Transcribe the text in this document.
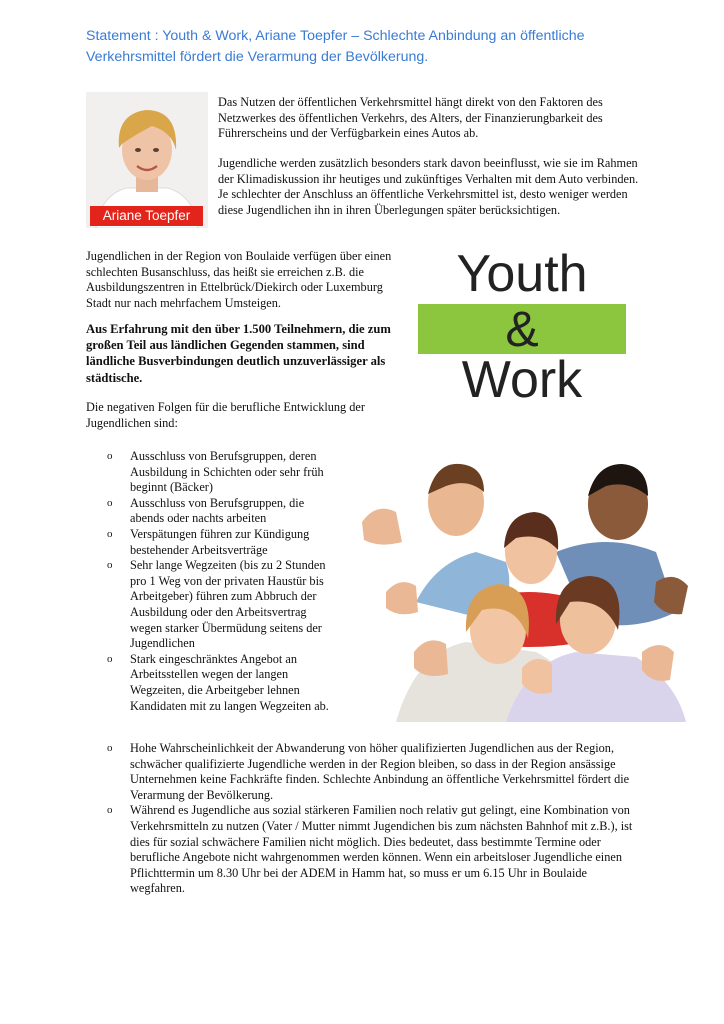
Statement : Youth & Work, Ariane Toepfer – Schlechte Anbindung an öffentliche Verkehrsmittel fördert die Verarmung der Bevölkerung.
Ariane Toepfer

Das Nutzen der öffentlichen Verkehrsmittel hängt direkt von den Faktoren des Netzwerkes des öffentlichen Verkehrs, des Alters, der Finanzierungbarkeit des Führerscheins und der Verfügbarkein eines Autos ab.

Jugendliche werden zusätzlich besonders stark davon beeinflusst, wie sie im Rahmen der Klimadiskussion ihr heutiges und zukünftiges Verhalten mit dem Auto verbinden. Je schlechter der Anschluss an öffentliche Verkehrsmittel ist, desto weniger werden diese Jugendlichen ihn in ihren Überlegungen später berücksichtigen.

Jugendlichen in der Region von Boulaide verfügen über einen schlechten Busanschluss, das heißt sie erreichen z.B. die Ausbildungszentren in Ettelbrück/Diekirch oder Luxemburg Stadt nur nach mehrfachem Umsteigen.

Aus Erfahrung mit den über 1.500 Teilnehmern, die zum großen Teil aus ländlichen Gegenden stammen, sind ländliche Busverbindungen deutlich unzuverlässiger als städtische.

Die negativen Folgen für die berufliche Entwicklung der Jugendlichen sind:

Youth
&
Work
o Ausschluss von Berufsgruppen, deren Ausbildung in Schichten oder sehr früh beginnt (Bäcker)
o Ausschluss von Berufsgruppen, die abends oder nachts arbeiten
o Verspätungen führen zur Kündigung bestehender Arbeitsverträge
o Sehr lange Wegzeiten (bis zu 2 Stunden pro 1 Weg von der privaten Haustür bis Arbeitgeber) führen zum Abbruch der Ausbildung oder den Arbeitsvertrag wegen starker Übermüdung seitens der Jugendlichen
o Stark eingeschränktes Angebot an Arbeitsstellen wegen der langen Wegzeiten, die Arbeitgeber lehnen Kandidaten mit zu langen Wegzeiten ab.
o Hohe Wahrscheinlichkeit der Abwanderung von höher qualifizierten Jugendlichen aus der Region, schwächer qualifizierte Jugendliche werden in der Region bleiben, so dass in der Region ansässige Unternehmen keine Fachkräfte finden. Schlechte Anbindung an öffentliche Verkehrsmittel fördert die Verarmung der Bevölkerung.
o Während es Jugendliche aus sozial stärkeren Familien noch relativ gut gelingt, eine Kombination von Verkehrsmitteln zu nutzen (Vater / Mutter nimmt Jugendichen bis zum nächsten Bahnhof mit z.B.), ist dies für sozial schwächere Familien nicht möglich. Dies bedeutet, dass bestimmte Termine oder berufliche Angebote nicht wahrgenommen werden können. Wenn ein arbeitsloser Jugendliche einen Pflichttermin um 8.30 Uhr bei der ADEM in Hamm hat, so muss er um 6.15 Uhr in Boulaide wegfahren.
